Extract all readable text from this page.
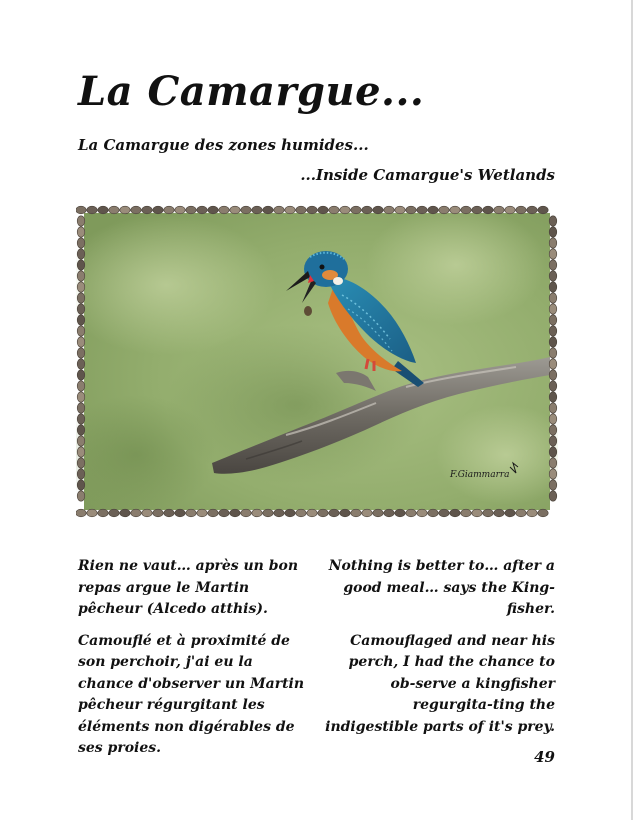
La Camargue...
La Camargue des zones humides...
...Inside Camargue's Wetlands
F.Giammarra

Rien ne vaut… après un bon repas argue le Martin pêcheur (Alcedo atthis).

Camouflé et à proximité de son perchoir, j'ai eu la chance d'observer un Martin pêcheur régurgitant les éléments non digérables de ses proies.

Nothing is better to… after a good meal… says the King-fisher.

Camouflaged and near his perch, I had the chance to ob-serve a kingfisher regurgita-ting the indigestible parts of it's prey.

49
